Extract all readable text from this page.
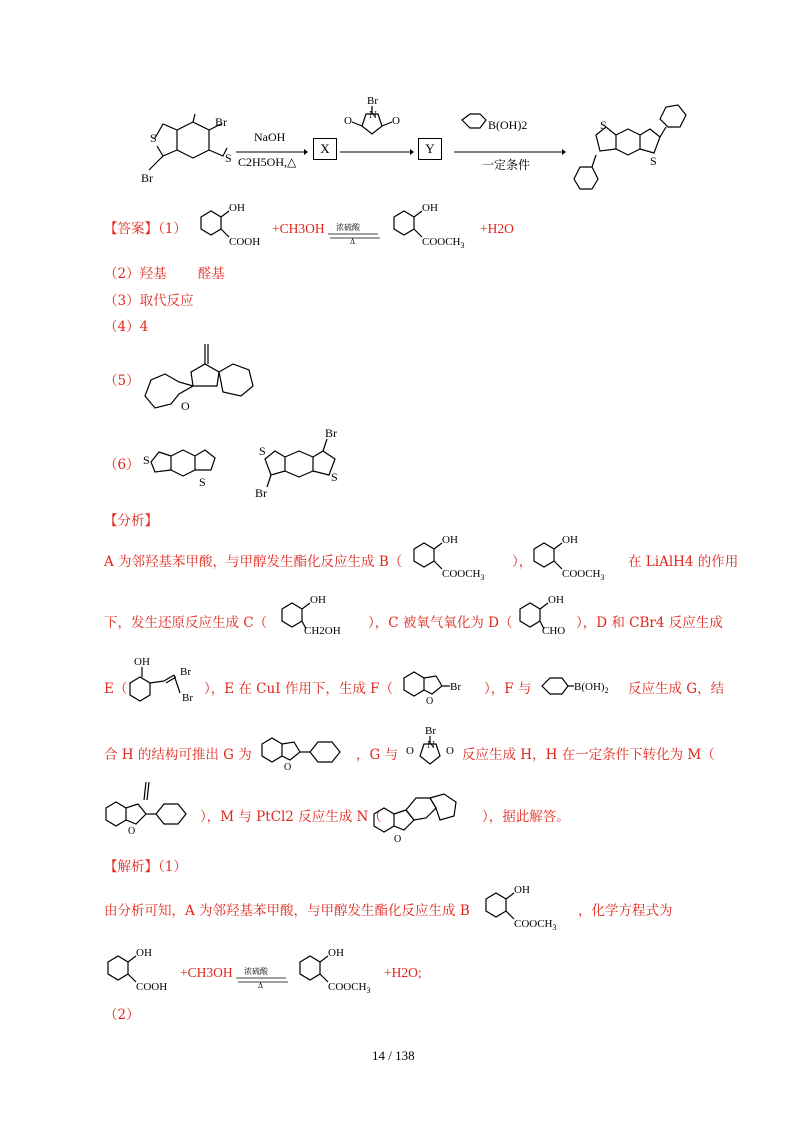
S
S
Br
Br
NaOH
C2H5OH,△
X
Br
N
O	O
Y
B(OH)2
一定条件
S
S
【答案】（1）
OH
COOH
+CH3OH 浓硫酸
Δ
OH
$COOCH_3$
+H2O
（2）羟基　　 醛基
（3）取代反应
（4）4
（5）
O
（6） S
S
S
S
Br
Br
【分析】
A 为邻羟基苯甲酸，与甲醇发生酯化反应生成 B（
OH
$COOCH_3$
），
OH
$COOCH_3$
在 LiAlH4 的作用
下，发生还原反应生成 C（
OH
CH2OH ），C 被氧气氧化为 D（
OH
CHO ），D 和 CBr4 反应生成
E（
OH
Br
Br
），E 在 CuI 作用下，生成 F（
O
Br ），F 与	$B(OH)_2$ 反应生成 G，结
合 H 的结构可推出 G 为
O
，G 与
Br
N
O	O 反应生成 H，H 在一定条件下转化为 M（
O
），M 与 PtCl2 反应生成 N（
O
），据此解答。
【解析】（1）
由分析可知，A 为邻羟基苯甲酸，与甲醇发生酯化反应生成 B
OH
$COOCH_3$
，化学方程式为
OH
COOH
+CH3OH 浓硫酸
Δ
OH
$COOCH_3$
+H2O;
（2）
14 / 138
